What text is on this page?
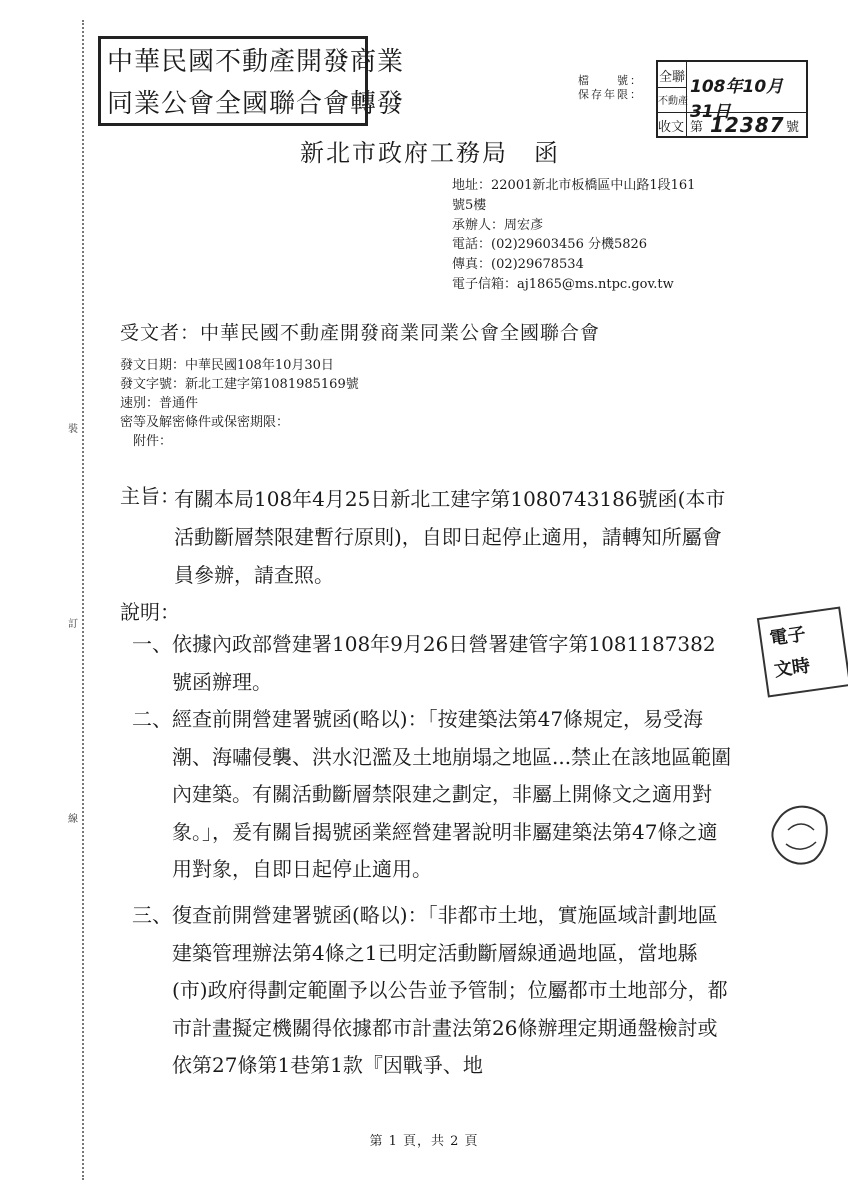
裝
訂
線
中華民國不動產開發商業
同業公會全國聯合會轉發
檔　　號：
保存年限：
全聯
不動產
收文
108年10月31日
第 12387 號
新北市政府工務局　函
地址：22001新北市板橋區中山路1段161
號5樓
承辦人：周宏彥
電話：(02)29603456 分機5826
傳真：(02)29678534
電子信箱：aj1865@ms.ntpc.gov.tw
受文者：中華民國不動產開發商業同業公會全國聯合會
發文日期：中華民國108年10月30日
發文字號：新北工建字第1081985169號
速別：普通件
密等及解密條件或保密期限：
附件：
主旨：
有關本局108年4月25日新北工建字第1080743186號函(本市活動斷層禁限建暫行原則)，自即日起停止適用，請轉知所屬會員參辦，請查照。
說明：
一、 依據內政部營建署108年9月26日營署建管字第1081187382號函辦理。
二、 經查前開營建署號函(略以)：「按建築法第47條規定，易受海潮、海嘯侵襲、洪水氾濫及土地崩塌之地區...禁止在該地區範圍內建築。有關活動斷層禁限建之劃定，非屬上開條文之適用對象。」，爰有關旨揭號函業經營建署說明非屬建築法第47條之適用對象，自即日起停止適用。
三、 復查前開營建署號函(略以)：「非都市土地，實施區域計劃地區建築管理辦法第4條之1已明定活動斷層線通過地區，當地縣(市)政府得劃定範圍予以公告並予管制；位屬都市土地部分，都市計畫擬定機關得依據都市計畫法第26條辦理定期通盤檢討或依第27條第1巷第1款『因戰爭、地
電子
文時
第 1 頁，共 2 頁
